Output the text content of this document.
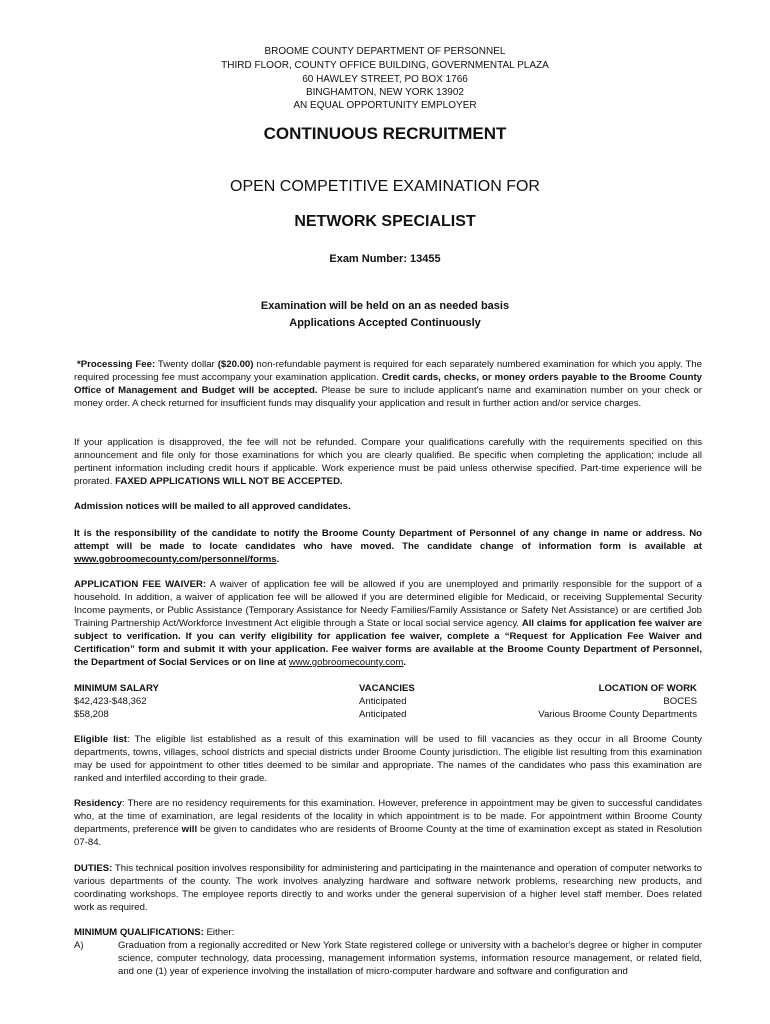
BROOME COUNTY DEPARTMENT OF PERSONNEL
THIRD FLOOR, COUNTY OFFICE BUILDING, GOVERNMENTAL PLAZA
60 HAWLEY STREET, PO BOX 1766
BINGHAMTON, NEW YORK 13902
AN EQUAL OPPORTUNITY EMPLOYER
CONTINUOUS RECRUITMENT
OPEN COMPETITIVE EXAMINATION FOR
NETWORK SPECIALIST
Exam Number: 13455
Examination will be held on an as needed basis
Applications Accepted Continuously

*Processing Fee: Twenty dollar ($20.00) non-refundable payment is required for each separately numbered examination for which you apply. The required processing fee must accompany your examination application. Credit cards, checks, or money orders payable to the Broome County Office of Management and Budget will be accepted. Please be sure to include applicant's name and examination number on your check or money order. A check returned for insufficient funds may disqualify your application and result in further action and/or service charges.

If your application is disapproved, the fee will not be refunded. Compare your qualifications carefully with the requirements specified on this announcement and file only for those examinations for which you are clearly qualified. Be specific when completing the application; include all pertinent information including credit hours if applicable. Work experience must be paid unless otherwise specified. Part-time experience will be prorated. FAXED APPLICATIONS WILL NOT BE ACCEPTED.

Admission notices will be mailed to all approved candidates.

It is the responsibility of the candidate to notify the Broome County Department of Personnel of any change in name or address. No attempt will be made to locate candidates who have moved. The candidate change of information form is available at www.gobroomecounty.com/personnel/forms.

APPLICATION FEE WAIVER: A waiver of application fee will be allowed if you are unemployed and primarily responsible for the support of a household. In addition, a waiver of application fee will be allowed if you are determined eligible for Medicaid, or receiving Supplemental Security Income payments, or Public Assistance (Temporary Assistance for Needy Families/Family Assistance or Safety Net Assistance) or are certified Job Training Partnership Act/Workforce Investment Act eligible through a State or local social service agency. All claims for application fee waiver are subject to verification. If you can verify eligibility for application fee waiver, complete a “Request for Application Fee Waiver and Certification” form and submit it with your application. Fee waiver forms are available at the Broome County Department of Personnel, the Department of Social Services or on line at www.gobroomecounty.com.

MINIMUM SALARY
$42,423-$48,362
$58,208
VACANCIES
Anticipated
Anticipated
LOCATION OF WORK
BOCES
Various Broome County Departments

Eligible list: The eligible list established as a result of this examination will be used to fill vacancies as they occur in all Broome County departments, towns, villages, school districts and special districts under Broome County jurisdiction. The eligible list resulting from this examination may be used for appointment to other titles deemed to be similar and appropriate. The names of the candidates who pass this examination are ranked and interfiled according to their grade.

Residency: There are no residency requirements for this examination. However, preference in appointment may be given to successful candidates who, at the time of examination, are legal residents of the locality in which appointment is to be made. For appointment within Broome County departments, preference will be given to candidates who are residents of Broome County at the time of examination except as stated in Resolution 07-84.

DUTIES: This technical position involves responsibility for administering and participating in the maintenance and operation of computer networks to various departments of the county. The work involves analyzing hardware and software network problems, researching new products, and coordinating workshops. The employee reports directly to and works under the general supervision of a higher level staff member. Does related work as required.

MINIMUM QUALIFICATIONS: Either:

A)	Graduation from a regionally accredited or New York State registered college or university with a bachelor's degree or higher in computer science, computer technology, data processing, management information systems, information resource management, or related field, and one (1) year of experience involving the installation of micro-computer hardware and software and configuration and
